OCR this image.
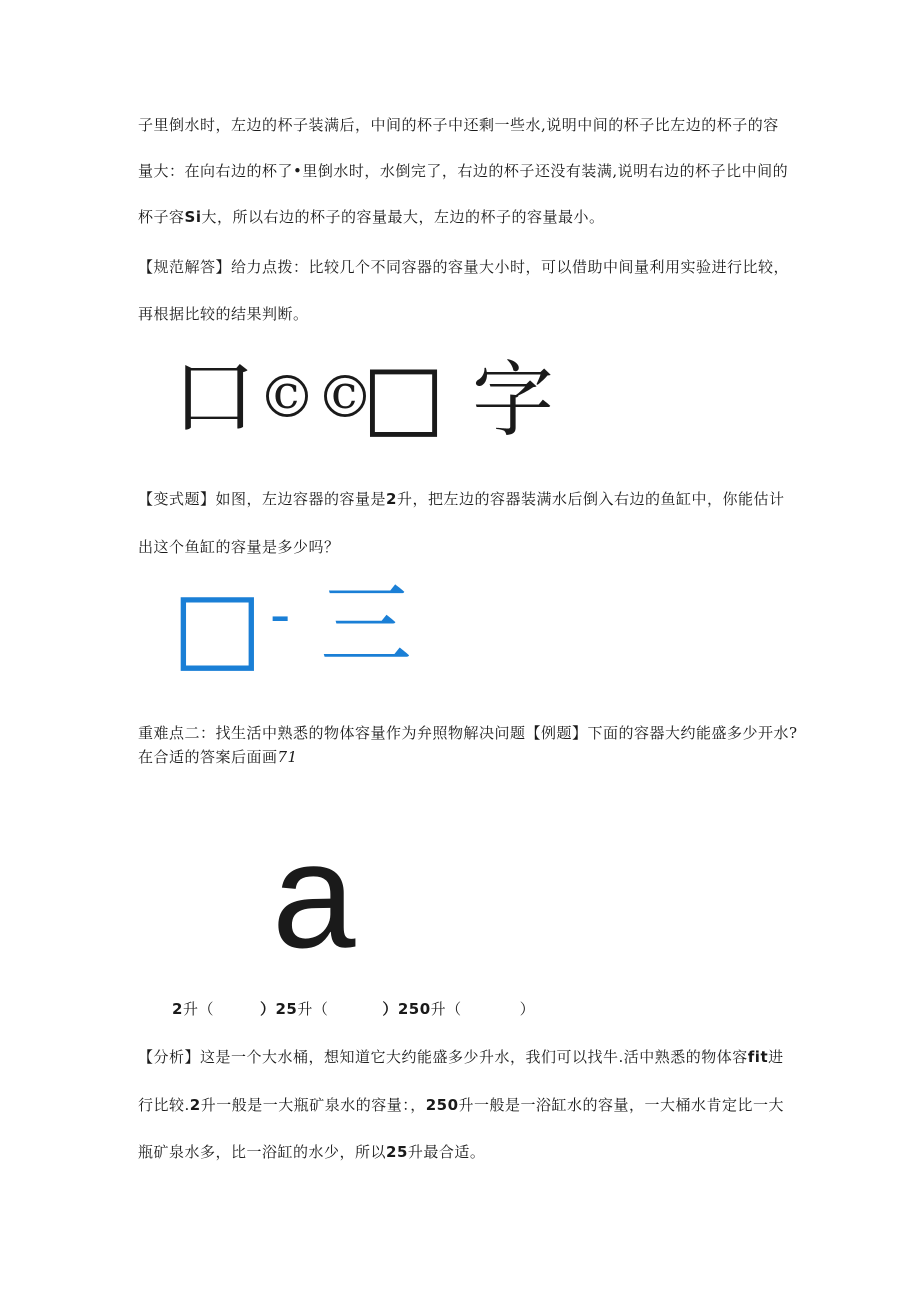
子里倒水时，左边的杯子装满后，中间的杯子中还剩一些水,说明中间的杯子比左边的杯子的容
量大：在向右边的杯了•里倒水时，水倒完了，右边的杯子还没有装满,说明右边的杯子比中间的
杯子容Si大，所以右边的杯子的容量最大，左边的杯子的容量最小。
【规范解答】给力点拨：比较几个不同容器的容量大小时，可以借助中间量利用实验进行比较，
再根据比较的结果判断。
口 ©©
□ 字
【变式题】如图，左边容器的容量是2升，把左边的容器装满水后倒入右边的鱼缸中，你能估计
出这个鱼缸的容量是多少吗？
□ - 三
重难点二：找生活中熟悉的物体容量作为弁照物解决问题【例题】下面的容器大约能盛多少开水?
在合适的答案后面画71
a
2升（	）25升（	）250升（	）
【分析】这是一个大水桶，想知道它大约能盛多少升水，我们可以找牛.活中熟悉的物体容fit进
行比较.2升一般是一大瓶矿泉水的容量：，250升一般是一浴缸水的容量，一大桶水肯定比一大
瓶矿泉水多，比一浴缸的水少，所以25升最合适。
